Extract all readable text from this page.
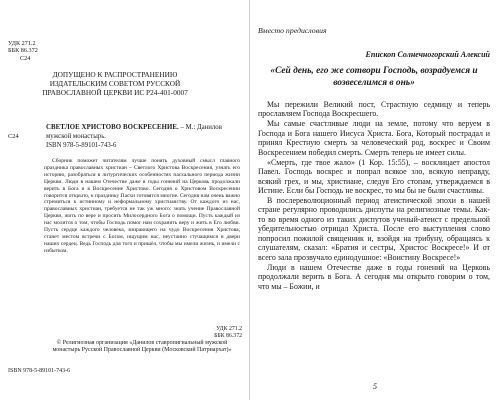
УДК 271.2
ББК 86.372
С24
ДОПУЩЕНО К РАСПРОСТРАНЕНИЮ ИЗДАТЕЛЬСКИМ СОВЕТОМ РУССКОЙ ПРАВОСЛАВНОЙ ЦЕРКВИ ИС Р24-401-0007
С24
СВЕТЛОЕ ХРИСТОВО ВОСКРЕСЕНИЕ. – М.: Данилов мужской монастырь.
ISBN 978-5-89101-743-6
Сборник поможет читателям лучше понять духовный смысл главного праздника православных христиан – Светлого Христова Воскресения, узнать его историю, разобраться в литургических особенностях пасхального периода жизни Церкви. Люди в нашем Отечестве даже в годы гонений на Церковь продолжали верить в Бога и в Воскресение Христово. Сегодня о Христовом Воскресении говорится открыто, к празднику Пасхи готовятся многие. Сегодня нам очень важно стремиться к истинному и неформальному христианству. От каждого из нас, православных христиан, требуется не так уж много: знать учение Православной Церкви, жить по вере и просить Милосердного Бога о помощи. Пусть каждый из нас молится о том, чтобы Господь помог нам сохранить веру и жить в Его любви. Пусть сердце каждого человека, взирающего на чудо Воскресения Христова, станет местом встречи с Богом, ищущим нас, неустанно стучащимся в двери наших сердец. Ведь Господь для того и пришёл, чтобы мы имели жизнь, и имели с избытком.
УДК 271.2
ББК 86.372
© Религиозная организация «Данилов ставропигиальный мужской монастырь Русской Православной Церкви (Московский Патриархат)»
ISBN 978-5-89101-743-6
Вместо предисловия
Епископ Солнечногорский Алексий
«Сей день, его же сотвори Господь, возрадуемся и возвеселимся в онь»

Мы пережили Великий пост, Страстную седмицу и теперь прославляем Господа Воскресшего.

Мы самые счастливые люди на земле, потому что веруем в Господа и Бога нашего Иисуса Христа. Бога, Который пострадал и принял Крестную смерть за человеческий род, воскрес и Своим Воскресением победил смерть. Смерть теперь не имеет силы.

«Смерть, где твое жало» (1 Кор. 15:55), – восклицает апостол Павел. Господь воскрес и попрал всякое зло, всякую неправду, всякий грех, и мы, христиане, следуя Его стопам, утверждаемся в Истине. Если бы Господь не воскрес, то мы бы не были счастливы.

В послереволюционный период атеистической эпохи в нашей стране регулярно проводились диспуты на религиозные темы. Как-то во время одного из таких диспутов ученый-атеист с предельной убедительностью отрицал Христа. После его выступления слово попросил пожилой священник и, взойдя на трибуну, обращаясь к слушателям, сказал: «Братия и сестры, Христос Воскресе!» И от всего зала прозвучало единодушное: «Воистину Воскресе!»

Люди в нашем Отечестве даже в годы гонений на Церковь продолжали верить в Бога. А сегодня мы открыто говорим о том, что мы – Божии, и

5
